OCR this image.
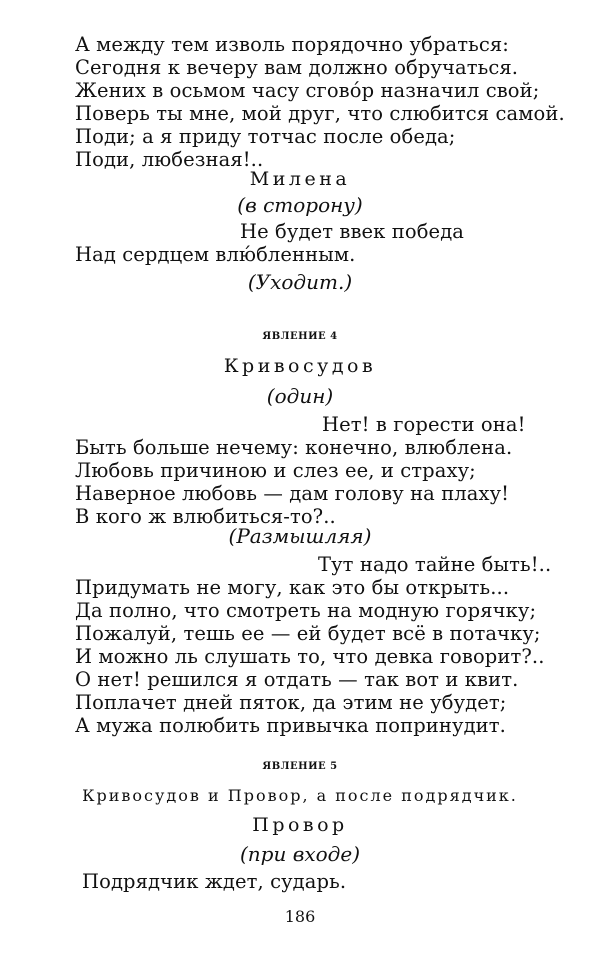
А между тем изволь порядочно убраться:
Сегодня к вечеру вам должно обручаться.
Жених в осьмом часу сговóр назначил свой;
Поверь ты мне, мой друг, что слюбится самой.
Поди; а я приду тотчас после обеда;
Поди, любезная!..
Милена
(в сторону)
Не будет ввек победа
Над сердцем влю́бленным.
(Уходит.)
ЯВЛЕНИЕ 4
Кривосудов
(один)
Нет! в горести она!
Быть больше нечему: конечно, влюблена.
Любовь причиною и слез ее, и страху;
Наверное любовь — дам голову на плаху!
В кого ж влюбиться-то?..
(Размышляя)
Тут надо тайне быть!..
Придумать не могу, как это бы открыть...
Да полно, что смотреть на модную горячку;
Пожалуй, тешь ее — ей будет всё в потачку;
И можно ль слушать то, что девка говорит?..
О нет! решился я отдать — так вот и квит.
Поплачет дней пяток, да этим не убудет;
А мужа полюбить привычка попринудит.
ЯВЛЕНИЕ 5
Кривосудов и Провор, а после подрядчик.
Провор
(при входе)
Подрядчик ждет, сударь.
186
